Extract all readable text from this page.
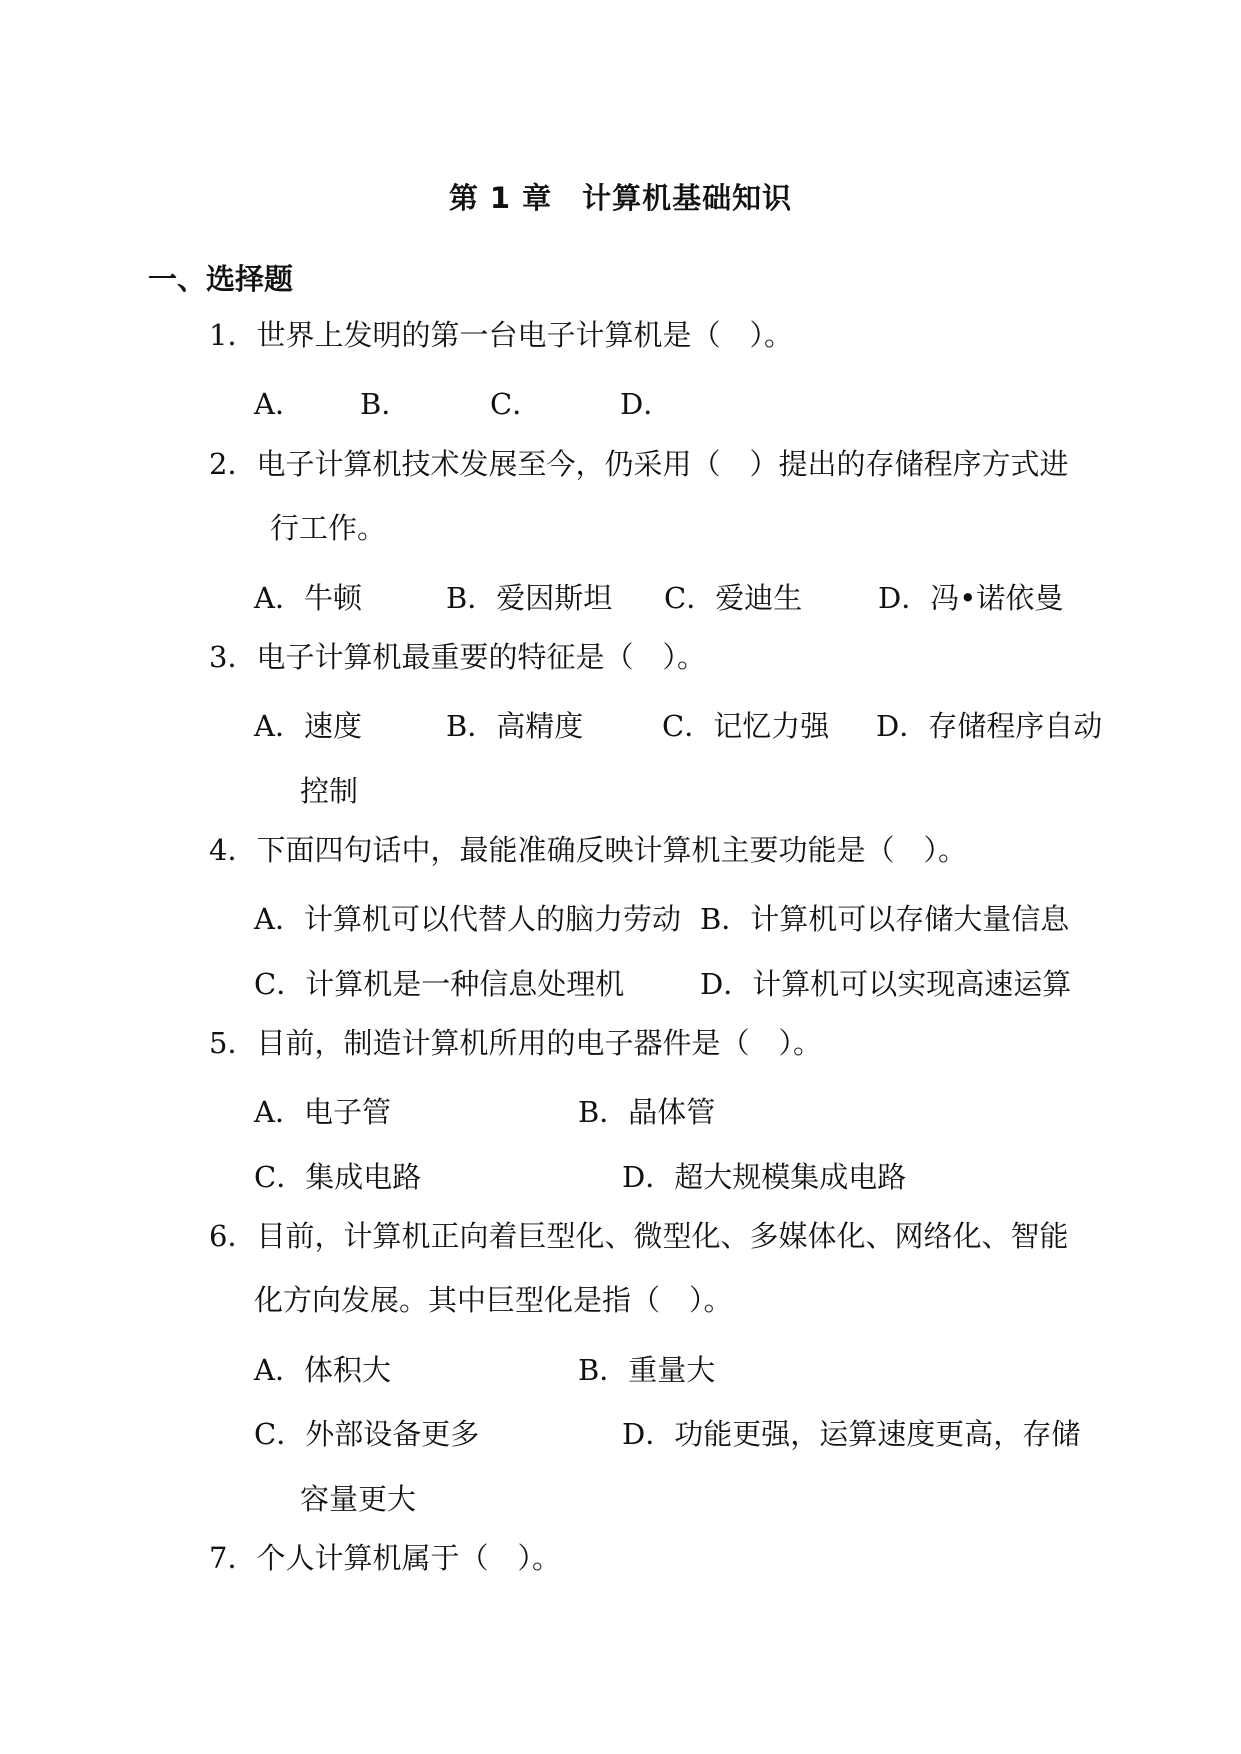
第 1 章　计算机基础知识
一、选择题
1．世界上发明的第一台电子计算机是（　）。
A． B．	C．	D．
2．电子计算机技术发展至今，仍采用（　）提出的存储程序方式进
行工作。
A．牛顿	B．爱因斯坦 C．爱迪生	D．冯•诺依曼
3．电子计算机最重要的特征是（　）。
A．速度	B．高精度	C．记忆力强 D．存储程序自动
控制
4．下面四句话中，最能准确反映计算机主要功能是（　）。
A．计算机可以代替人的脑力劳动 B．计算机可以存储大量信息
C．计算机是一种信息处理机	D．计算机可以实现高速运算
5．目前，制造计算机所用的电子器件是（　）。
A．电子管	B．晶体管
C．集成电路	D．超大规模集成电路
6．目前，计算机正向着巨型化、微型化、多媒体化、网络化、智能
化方向发展。其中巨型化是指（　）。
A．体积大	B．重量大
C．外部设备更多	D．功能更强，运算速度更高，存储
容量更大
7．个人计算机属于（　）。
